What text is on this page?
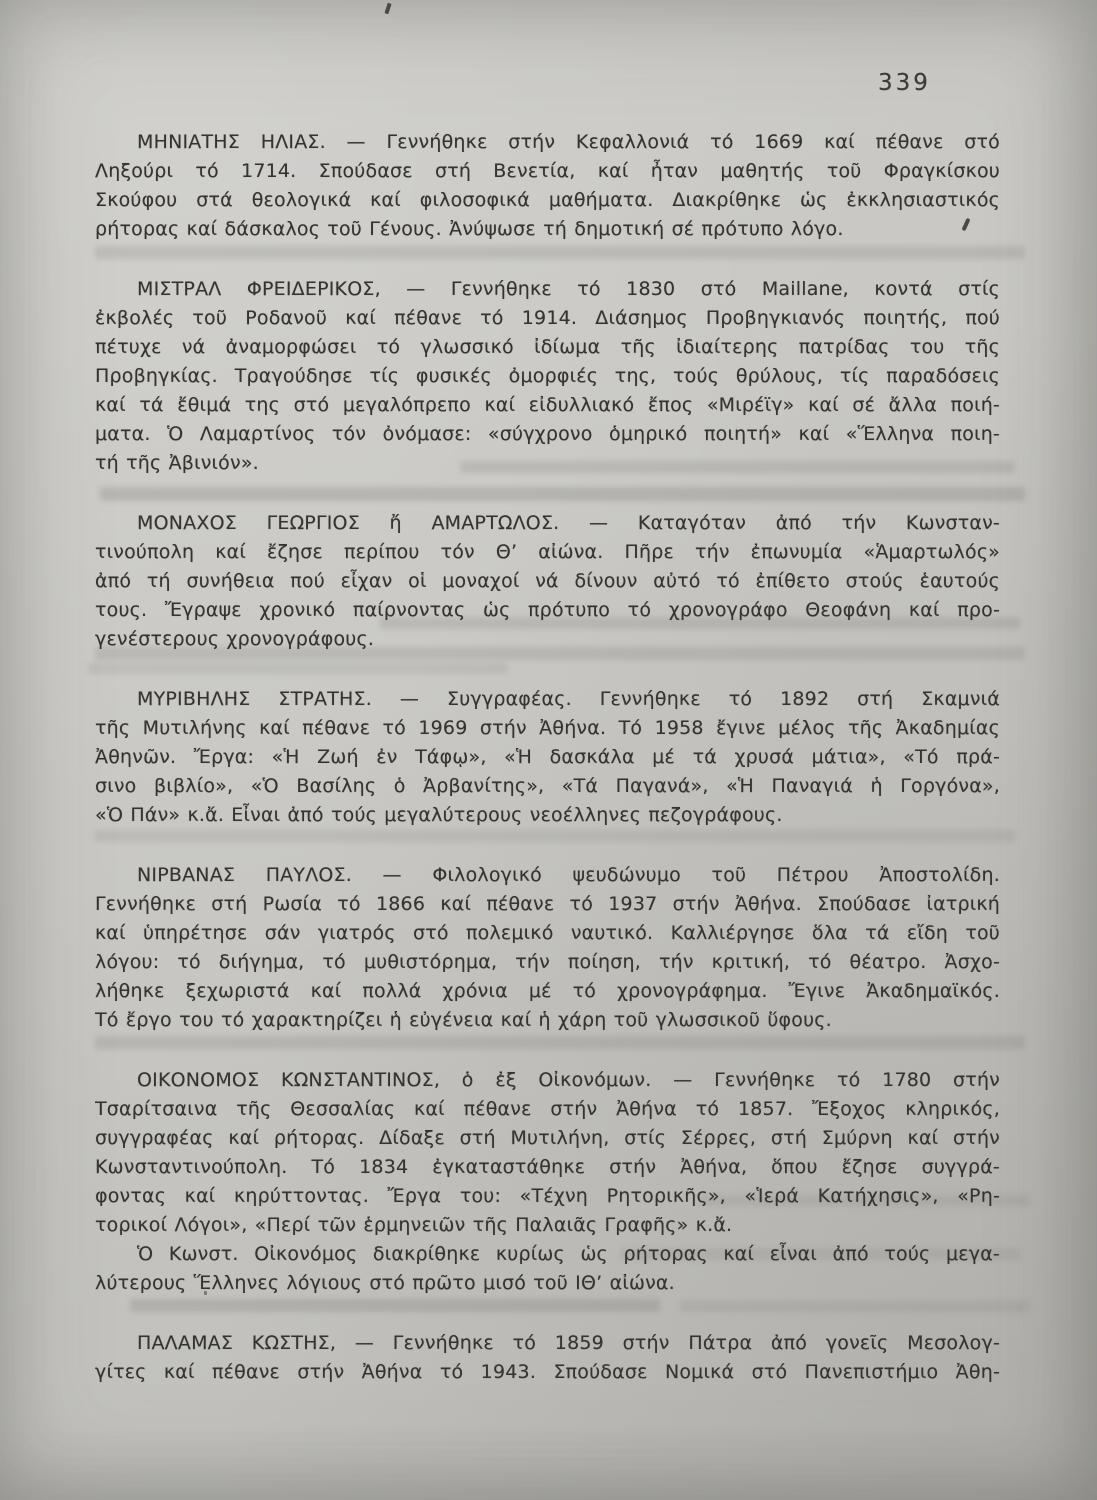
339
ΜΗΝΙΑΤΗΣ ΗΛΙΑΣ. — Γεννήθηκε στήν Κεφαλλονιά τό 1669 καί πέθανε στό
Ληξούρι τό 1714. Σπούδασε στή Βενετία, καί ἦταν μαθητής τοῦ Φραγκίσκου
Σκούφου στά θεολογικά καί φιλοσοφικά μαθήματα. Διακρίθηκε ὡς ἐκκλησιαστικός
ρήτορας καί δάσκαλος τοῦ Γένους. Ἀνύψωσε τή δημοτική σέ πρότυπο λόγο.
ΜΙΣΤΡΑΛ ΦΡΕΙΔΕΡΙΚΟΣ, — Γεννήθηκε τό 1830 στό Maillane, κοντά στίς
ἐκβολές τοῦ Ροδανοῦ καί πέθανε τό 1914. Διάσημος Προβηγκιανός ποιητής, πού
πέτυχε νά ἀναμορφώσει τό γλωσσικό ἰδίωμα τῆς ἰδιαίτερης πατρίδας του τῆς
Προβηγκίας. Τραγούδησε τίς φυσικές ὀμορφιές της, τούς θρύλους, τίς παραδόσεις
καί τά ἔθιμά της στό μεγαλόπρεπο καί εἰδυλλιακό ἔπος «Μιρέϊγ» καί σέ ἄλλα ποιή-
ματα. Ὁ Λαμαρτίνος τόν ὀνόμασε: «σύγχρονο ὁμηρικό ποιητή» καί «Ἕλληνα ποιη-
τή τῆς Ἀβινιόν».
ΜΟΝΑΧΟΣ ΓΕΩΡΓΙΟΣ ἤ ΑΜΑΡΤΩΛΟΣ. — Καταγόταν ἀπό τήν Κωνσταν-
τινούπολη καί ἔζησε περίπου τόν Θ’ αἰώνα. Πῆρε τήν ἐπωνυμία «Ἁμαρτωλός»
ἀπό τή συνήθεια πού εἶχαν οἱ μοναχοί νά δίνουν αὐτό τό ἐπίθετο στούς ἑαυτούς
τους. Ἔγραψε χρονικό παίρνοντας ὡς πρότυπο τό χρονογράφο Θεοφάνη καί προ-
γενέστερους χρονογράφους.
ΜΥΡΙΒΗΛΗΣ ΣΤΡΑΤΗΣ. — Συγγραφέας. Γεννήθηκε τό 1892 στή Σκαμνιά
τῆς Μυτιλήνης καί πέθανε τό 1969 στήν Ἀθήνα. Τό 1958 ἔγινε μέλος τῆς Ἀκαδημίας
Ἀθηνῶν. Ἔργα: «Ἡ Ζωή ἐν Τάφῳ», «Ἡ δασκάλα μέ τά χρυσά μάτια», «Τό πρά-
σινο βιβλίο», «Ὁ Βασίλης ὁ Ἀρβανίτης», «Τά Παγανά», «Ἡ Παναγιά ἡ Γοργόνα»,
«Ὁ Πάν» κ.ἄ. Εἶναι ἀπό τούς μεγαλύτερους νεοέλληνες πεζογράφους.
ΝΙΡΒΑΝΑΣ ΠΑΥΛΟΣ. — Φιλολογικό ψευδώνυμο τοῦ Πέτρου Ἀποστολίδη.
Γεννήθηκε στή Ρωσία τό 1866 καί πέθανε τό 1937 στήν Ἀθήνα. Σπούδασε ἰατρική
καί ὑπηρέτησε σάν γιατρός στό πολεμικό ναυτικό. Καλλιέργησε ὅλα τά εἴδη τοῦ
λόγου: τό διήγημα, τό μυθιστόρημα, τήν ποίηση, τήν κριτική, τό θέατρο. Ἀσχο-
λήθηκε ξεχωριστά καί πολλά χρόνια μέ τό χρονογράφημα. Ἔγινε Ἀκαδημαϊκός.
Τό ἔργο του τό χαρακτηρίζει ἡ εὐγένεια καί ἡ χάρη τοῦ γλωσσικοῦ ὕφους.
ΟΙΚΟΝΟΜΟΣ ΚΩΝΣΤΑΝΤΙΝΟΣ, ὁ ἐξ Οἰκονόμων. — Γεννήθηκε τό 1780 στήν
Τσαρίτσαινα τῆς Θεσσαλίας καί πέθανε στήν Ἀθήνα τό 1857. Ἔξοχος κληρικός,
συγγραφέας καί ρήτορας. Δίδαξε στή Μυτιλήνη, στίς Σέρρες, στή Σμύρνη καί στήν
Κωνσταντινούπολη. Τό 1834 ἐγκαταστάθηκε στήν Ἀθήνα, ὅπου ἔζησε συγγρά-
φοντας καί κηρύττοντας. Ἔργα του: «Τέχνη Ρητορικῆς», «Ἱερά Κατήχησις», «Ρη-
τορικοί Λόγοι», «Περί τῶν ἑρμηνειῶν τῆς Παλαιᾶς Γραφῆς» κ.ἄ.
Ὁ Κωνστ. Οἰκονόμος διακρίθηκε κυρίως ὡς ρήτορας καί εἶναι ἀπό τούς μεγα-
λύτερους Ἕλληνες λόγιους στό πρῶτο μισό τοῦ ΙΘ’ αἰώνα.
ΠΑΛΑΜΑΣ ΚΩΣΤΗΣ, — Γεννήθηκε τό 1859 στήν Πάτρα ἀπό γονεῖς Μεσολογ-
γίτες καί πέθανε στήν Ἀθήνα τό 1943. Σπούδασε Νομικά στό Πανεπιστήμιο Ἀθη-
